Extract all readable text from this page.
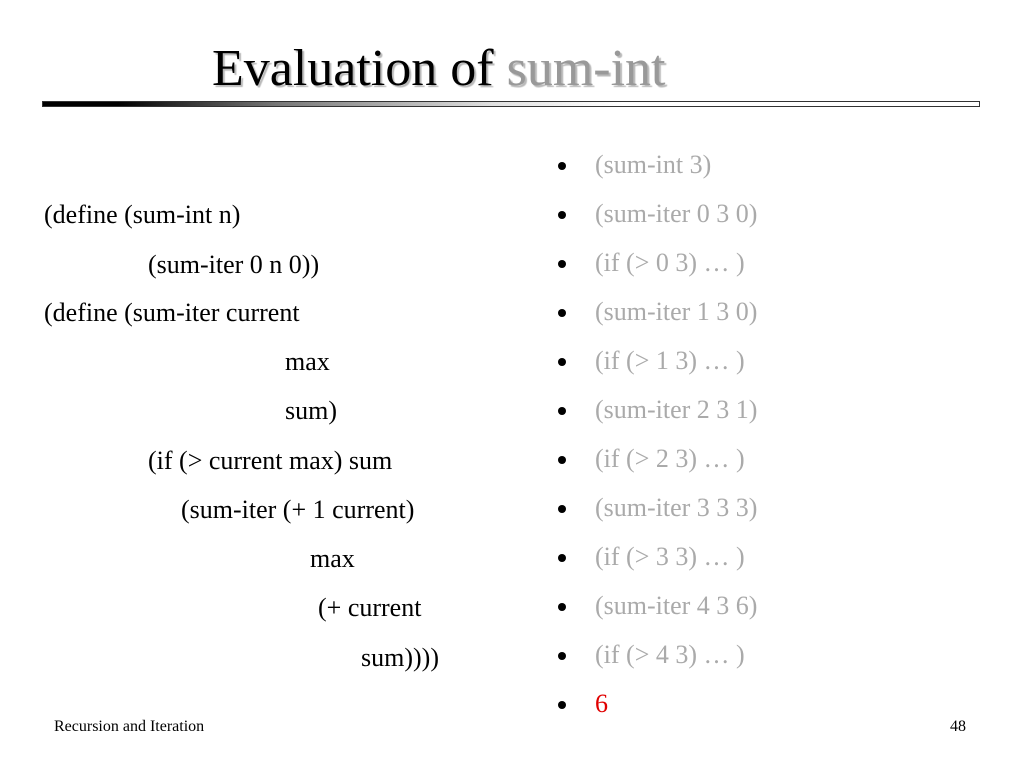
Evaluation of sum-int
(define (sum-int n)
(sum-iter 0 n 0))
(define (sum-iter current
max
sum)
(if (> current max) sum
(sum-iter (+ 1 current)
max
(+ current
sum))))
(sum-int 3)
(sum-iter 0 3 0)
(if (> 0 3) … )
(sum-iter 1 3 0)
(if (> 1 3) … )
(sum-iter 2 3 1)
(if (> 2 3) … )
(sum-iter 3 3 3)
(if (> 3 3) … )
(sum-iter 4 3 6)
(if (> 4 3) … )
6
Recursion and Iteration	48
